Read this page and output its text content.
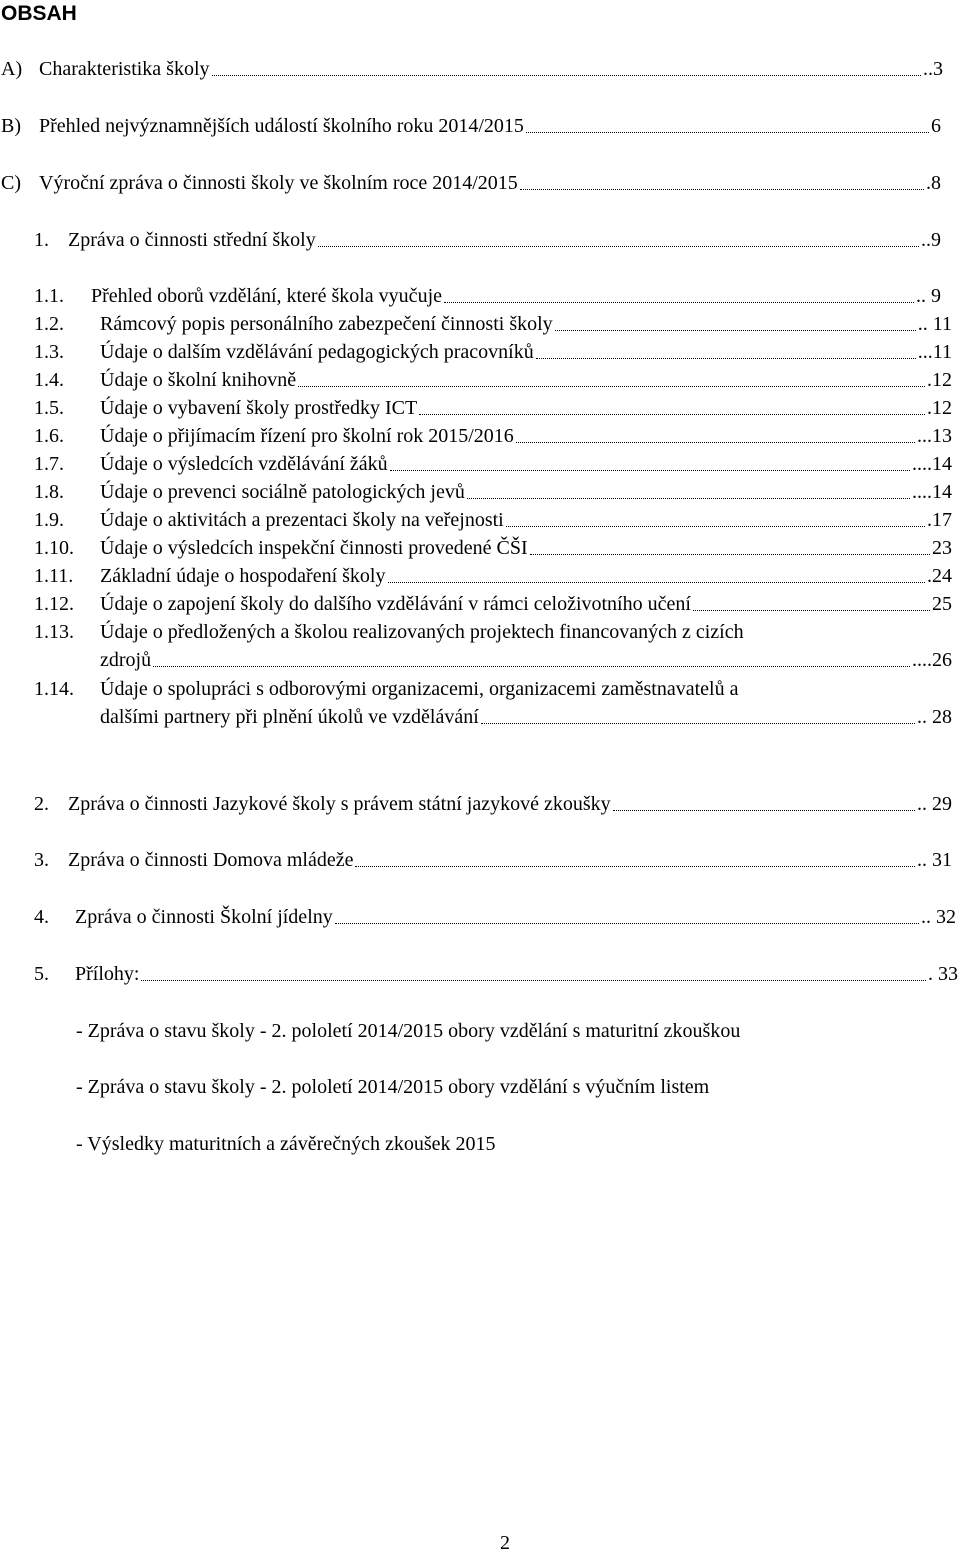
OBSAH
A) Charakteristika školy	..3
B) Přehled nejvýznamnějších událostí školního roku 2014/2015	6
C) Výroční zpráva o činnosti školy ve školním roce 2014/2015	.8
1. Zpráva o činnosti střední školy	..9
1.1.	Přehled oborů vzdělání, které škola vyučuje	.. 9
1.2.	Rámcový popis personálního zabezpečení činnosti školy	.. 11
1.3.	Údaje o dalším vzdělávání pedagogických pracovníků	...11
1.4.	Údaje o školní knihovně	.12
1.5.	Údaje o vybavení školy prostředky ICT	.12
1.6.	Údaje o přijímacím řízení pro školní rok 2015/2016	...13
1.7.	Údaje o výsledcích vzdělávání žáků	....14
1.8.	Údaje o prevenci sociálně patologických jevů	....14
1.9.	Údaje o aktivitách a prezentaci školy na veřejnosti	.17
1.10.	Údaje o výsledcích inspekční činnosti provedené ČŠI	23
1.11.	Základní údaje o hospodaření školy	.24
1.12.	Údaje o zapojení školy do dalšího vzdělávání v rámci celoživotního učení	25
1.13.	Údaje o předložených a školou realizovaných projektech financovaných z cizích
zdrojů	....26
1.14.	Údaje o spolupráci s odborovými organizacemi, organizacemi zaměstnavatelů a
dalšími partnery při plnění úkolů ve vzdělávání	.. 28
2. Zpráva o činnosti Jazykové školy s právem státní jazykové zkoušky	.. 29
3. Zpráva o činnosti Domova mládeže	.. 31
4.	Zpráva o činnosti Školní jídelny	.. 32
5.	Přílohy:	. 33
- Zpráva o stavu školy - 2. pololetí 2014/2015 obory vzdělání s maturitní zkouškou
- Zpráva o stavu školy - 2. pololetí 2014/2015 obory vzdělání s výučním listem
- Výsledky maturitních a závěrečných zkoušek 2015
2
